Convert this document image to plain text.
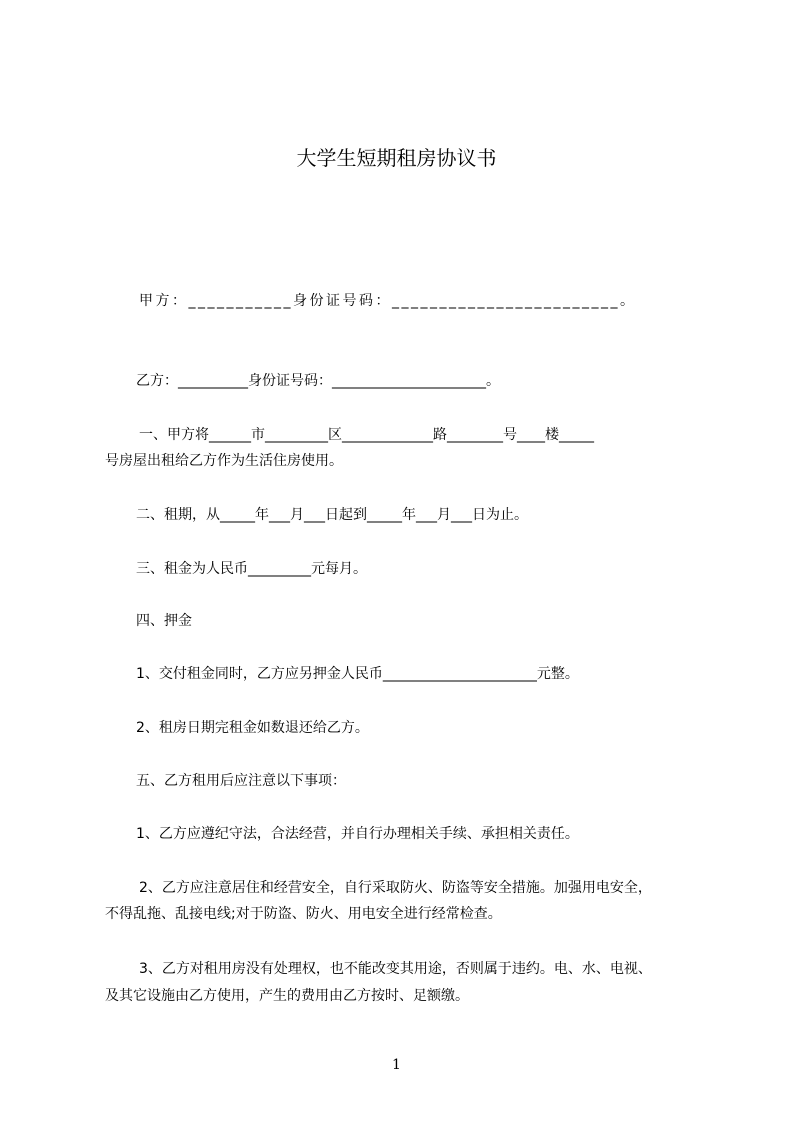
大学生短期租房协议书
甲方：___________身份证号码：________________________。
乙方：__________身份证号码：______________________。
一、甲方将______市_________区_____________路________号____楼_____
号房屋出租给乙方作为生活住房使用。
二、租期，从_____年___月___日起到_____年___月___日为止。
三、租金为人民币_________元每月。
四、押金
1、交付租金同时，乙方应另押金人民币______________________元整。
2、租房日期完租金如数退还给乙方。
五、乙方租用后应注意以下事项：
1、乙方应遵纪守法，合法经营，并自行办理相关手续、承担相关责任。
2、乙方应注意居住和经营安全，自行采取防火、防盗等安全措施。加强用电安全，
不得乱拖、乱接电线;对于防盗、防火、用电安全进行经常检查。
3、乙方对租用房没有处理权，也不能改变其用途，否则属于违约。电、水、电视、
及其它设施由乙方使用，产生的费用由乙方按时、足额缴。
1
